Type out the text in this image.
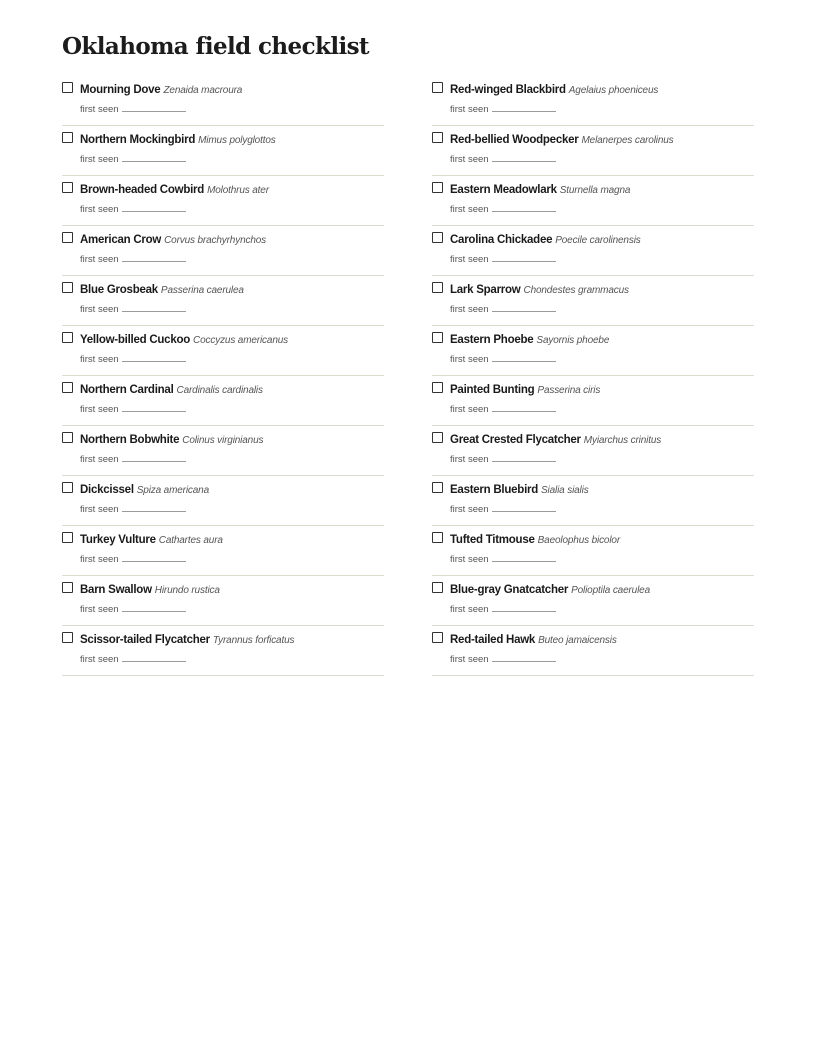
Oklahoma field checklist
Mourning Dove Zenaida macroura
first seen
Northern Mockingbird Mimus polyglottos
first seen
Brown-headed Cowbird Molothrus ater
first seen
American Crow Corvus brachyrhynchos
first seen
Blue Grosbeak Passerina caerulea
first seen
Yellow-billed Cuckoo Coccyzus americanus
first seen
Northern Cardinal Cardinalis cardinalis
first seen
Northern Bobwhite Colinus virginianus
first seen
Dickcissel Spiza americana
first seen
Turkey Vulture Cathartes aura
first seen
Barn Swallow Hirundo rustica
first seen
Scissor-tailed Flycatcher Tyrannus forficatus
first seen
Red-winged Blackbird Agelaius phoeniceus
first seen
Red-bellied Woodpecker Melanerpes carolinus
first seen
Eastern Meadowlark Sturnella magna
first seen
Carolina Chickadee Poecile carolinensis
first seen
Lark Sparrow Chondestes grammacus
first seen
Eastern Phoebe Sayornis phoebe
first seen
Painted Bunting Passerina ciris
first seen
Great Crested Flycatcher Myiarchus crinitus
first seen
Eastern Bluebird Sialia sialis
first seen
Tufted Titmouse Baeolophus bicolor
first seen
Blue-gray Gnatcatcher Polioptila caerulea
first seen
Red-tailed Hawk Buteo jamaicensis
first seen
